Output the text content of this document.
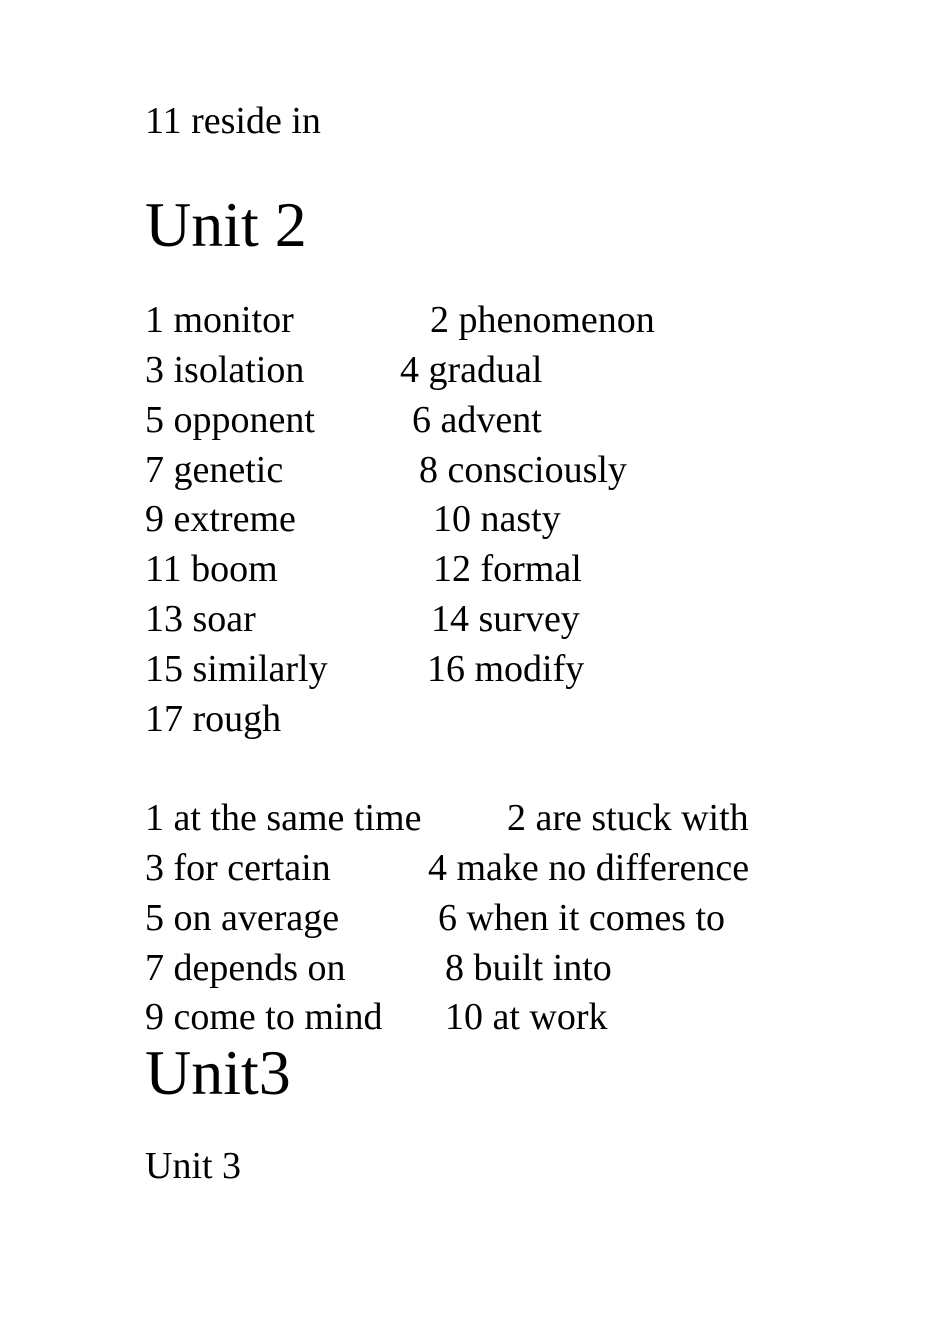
11 reside in
Unit 2
1 monitor	2 phenomenon
3 isolation	4 gradual
5 opponent	6 advent
7 genetic	8 consciously
9 extreme	10 nasty
11 boom	12 formal
13 soar	14 survey
15 similarly	16 modify
17 rough
1 at the same time 2 are stuck with
3 for certain	4 make no difference
5 on average	6 when it comes to
7 depends on	8 built into
9 come to mind 10 at work
Unit3
Unit 3
